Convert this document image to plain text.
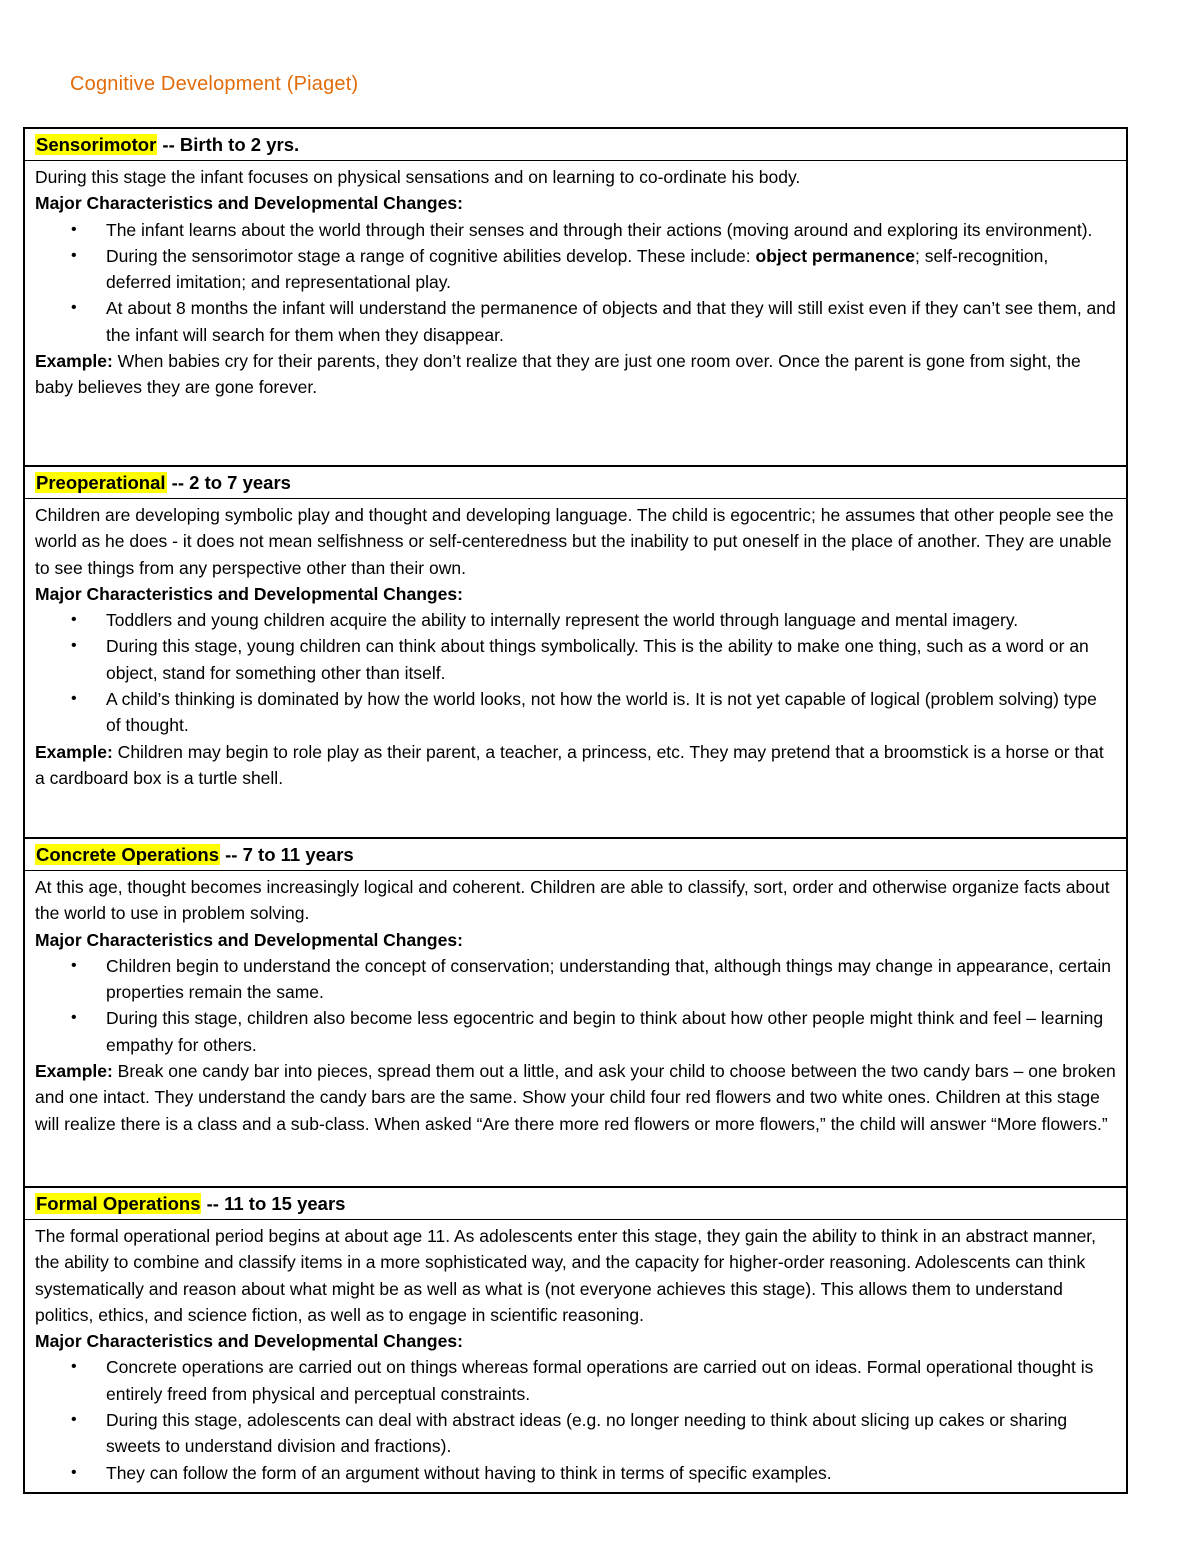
Cognitive Development (Piaget)
Sensorimotor -- Birth to 2 yrs.
During this stage the infant focuses on physical sensations and on learning to co-ordinate his body.
Major Characteristics and Developmental Changes:
• The infant learns about the world through their senses and through their actions (moving around and exploring its environment).
• During the sensorimotor stage a range of cognitive abilities develop. These include: object permanence; self-recognition, deferred imitation; and representational play.
• At about 8 months the infant will understand the permanence of objects and that they will still exist even if they can’t see them, and the infant will search for them when they disappear.
Example: When babies cry for their parents, they don’t realize that they are just one room over. Once the parent is gone from sight, the baby believes they are gone forever.
Preoperational -- 2 to 7 years
Children are developing symbolic play and thought and developing language. The child is egocentric; he assumes that other people see the world as he does - it does not mean selfishness or self-centeredness but the inability to put oneself in the place of another. They are unable to see things from any perspective other than their own.
Major Characteristics and Developmental Changes:
• Toddlers and young children acquire the ability to internally represent the world through language and mental imagery.
• During this stage, young children can think about things symbolically. This is the ability to make one thing, such as a word or an object, stand for something other than itself.
• A child’s thinking is dominated by how the world looks, not how the world is. It is not yet capable of logical (problem solving) type of thought.
Example: Children may begin to role play as their parent, a teacher, a princess, etc. They may pretend that a broomstick is a horse or that a cardboard box is a turtle shell.
Concrete Operations -- 7 to 11 years
At this age, thought becomes increasingly logical and coherent. Children are able to classify, sort, order and otherwise organize facts about the world to use in problem solving.
Major Characteristics and Developmental Changes:
• Children begin to understand the concept of conservation; understanding that, although things may change in appearance, certain properties remain the same.
• During this stage, children also become less egocentric and begin to think about how other people might think and feel – learning empathy for others.
Example: Break one candy bar into pieces, spread them out a little, and ask your child to choose between the two candy bars – one broken and one intact. They understand the candy bars are the same. Show your child four red flowers and two white ones. Children at this stage will realize there is a class and a sub-class. When asked “Are there more red flowers or more flowers,” the child will answer “More flowers.”
Formal Operations -- 11 to 15 years
The formal operational period begins at about age 11. As adolescents enter this stage, they gain the ability to think in an abstract manner, the ability to combine and classify items in a more sophisticated way, and the capacity for higher-order reasoning. Adolescents can think systematically and reason about what might be as well as what is (not everyone achieves this stage). This allows them to understand politics, ethics, and science fiction, as well as to engage in scientific reasoning.
Major Characteristics and Developmental Changes:
• Concrete operations are carried out on things whereas formal operations are carried out on ideas. Formal operational thought is entirely freed from physical and perceptual constraints.
• During this stage, adolescents can deal with abstract ideas (e.g. no longer needing to think about slicing up cakes or sharing sweets to understand division and fractions).
• They can follow the form of an argument without having to think in terms of specific examples.
